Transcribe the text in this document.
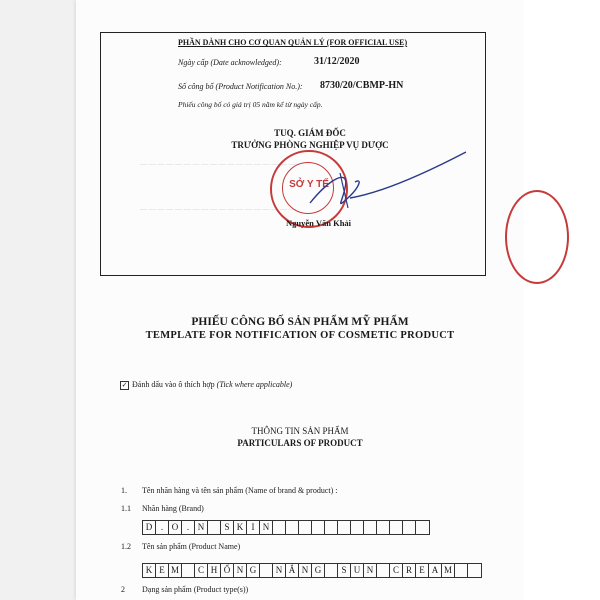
— — — — — — — — — — — — — — — — — —
— — — — — — — — — — — — — — — — — —
PHẦN DÀNH CHO CƠ QUAN QUẢN LÝ (FOR OFFICIAL USE)
Ngày cấp (Date acknowledged):	31/12/2020
Số công bố (Product Notification No.): 8730/20/CBMP-HN
Phiếu công bố có giá trị 05 năm kể từ ngày cấp.
TUQ. GIÁM ĐỐC
TRƯỞNG PHÒNG NGHIỆP VỤ DƯỢC
SỞ Y TẾ
Nguyễn Văn Khải
PHIẾU CÔNG BỐ SẢN PHẨM MỸ PHẨM
TEMPLATE FOR NOTIFICATION OF COSMETIC PRODUCT
✓ Đánh dấu vào ô thích hợp (Tick where applicable)
THÔNG TIN SẢN PHẨM
PARTICULARS OF PRODUCT
1. Tên nhãn hàng và tên sản phẩm (Name of brand & product) :
1.1 Nhãn hàng (Brand)
D . O . N	S K I N
1.2 Tên sản phẩm (Product Name)
K E M	C H Ố N G	N Ắ N G	S U N	C R E A M
2 Dạng sản phẩm (Product type(s))
